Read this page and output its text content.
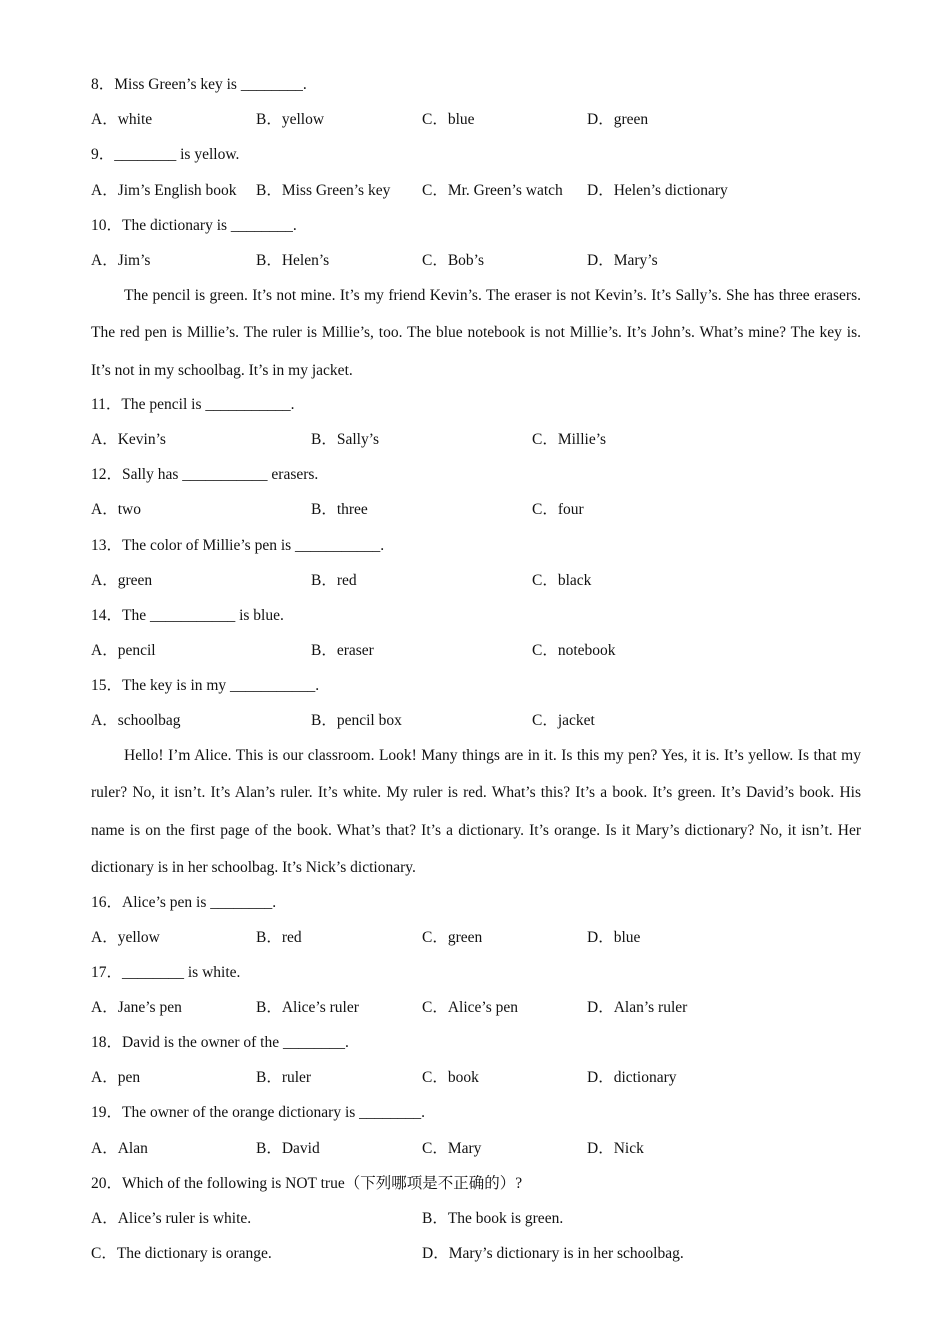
8．Miss Green’s key is ________.
A．white	B．yellow	C．blue	D．green
9．________ is yellow.
A．Jim’s English book B．Miss Green’s key C．Mr. Green’s watch D．Helen’s dictionary
10．The dictionary is ________.
A．Jim’s	B．Helen’s	C．Bob’s	D．Mary’s
The pencil is green. It’s not mine. It’s my friend Kevin’s. The eraser is not Kevin’s. It’s Sally’s. She has three erasers. The red pen is Millie’s. The ruler is Millie’s, too. The blue notebook is not Millie’s. It’s John’s. What’s mine? The key is. It’s not in my schoolbag. It’s in my jacket.
11．The pencil is ___________.
A．Kevin’s	B．Sally’s	C．Millie’s
12．Sally has ___________ erasers.
A．two	B．three	C．four
13．The color of Millie’s pen is ___________.
A．green	B．red	C．black
14．The ___________ is blue.
A．pencil	B．eraser	C．notebook
15．The key is in my ___________.
A．schoolbag	B．pencil box	C．jacket
Hello! I’m Alice. This is our classroom. Look! Many things are in it. Is this my pen? Yes, it is. It’s yellow. Is that my ruler? No, it isn’t. It’s Alan’s ruler. It’s white. My ruler is red. What’s this? It’s a book. It’s green. It’s David’s book. His name is on the first page of the book. What’s that? It’s a dictionary. It’s orange. Is it Mary’s dictionary? No, it isn’t. Her dictionary is in her schoolbag. It’s Nick’s dictionary.
16．Alice’s pen is ________.
A．yellow	B．red	C．green	D．blue
17．________ is white.
A．Jane’s pen	B．Alice’s ruler	C．Alice’s pen	D．Alan’s ruler
18．David is the owner of the ________.
A．pen	B．ruler	C．book	D．dictionary
19．The owner of the orange dictionary is ________.
A．Alan	B．David	C．Mary	D．Nick
20．Which of the following is NOT true（下列哪项是不正确的）?
A．Alice’s ruler is white.	B．The book is green.
C．The dictionary is orange.	D．Mary’s dictionary is in her schoolbag.
